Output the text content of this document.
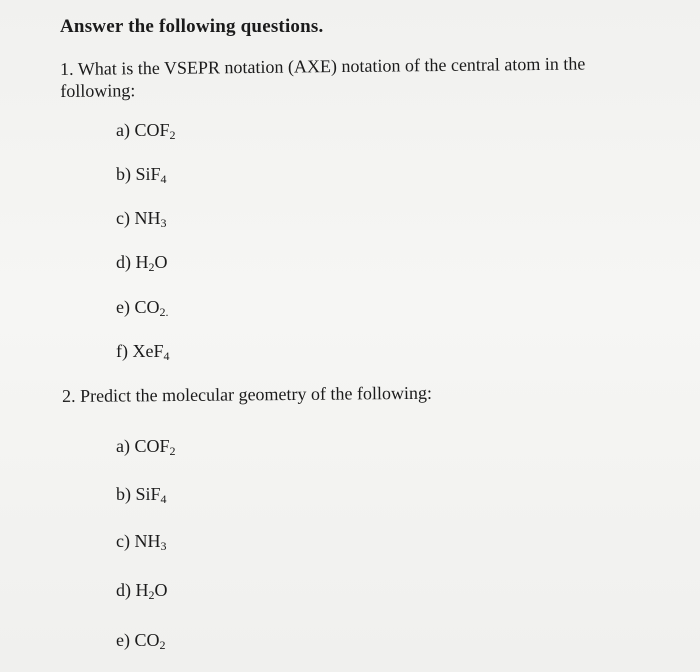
Answer the following questions.
1. What is the VSEPR notation (AXE) notation of the central atom in the following:
a) $COF_2$
b) SiF$_4$
c) $NH_3$
d) $H_2O$
e) $CO_{2.}$
f) XeF$_4$
2. Predict the molecular geometry of the following:
a) $COF_2$
b) SiF$_4$
c) $NH_3$
d) $H_2O$
e) $CO_2$
